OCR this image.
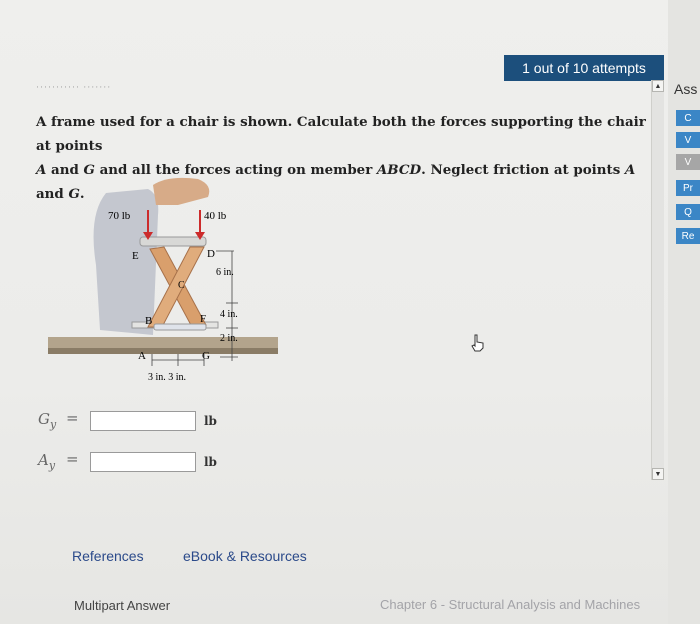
1 out of 10 attempts
··········· ·······
A frame used for a chair is shown. Calculate both the forces supporting the chair at points
A and G and all the forces acting on member ABCD. Neglect friction at points A and G.
70 lb	40 lb
E	D
C
B	F
A	G
6 in.
4 in.
2 in.
3 in. 3 in.
$G_y$ =	lb
$A_y$ =	lb
References	eBook & Resources
Multipart Answer	Chapter 6 - Structural Analysis and Machines
▲
▼
Ass
C
V
V
Pr
Q
Re
